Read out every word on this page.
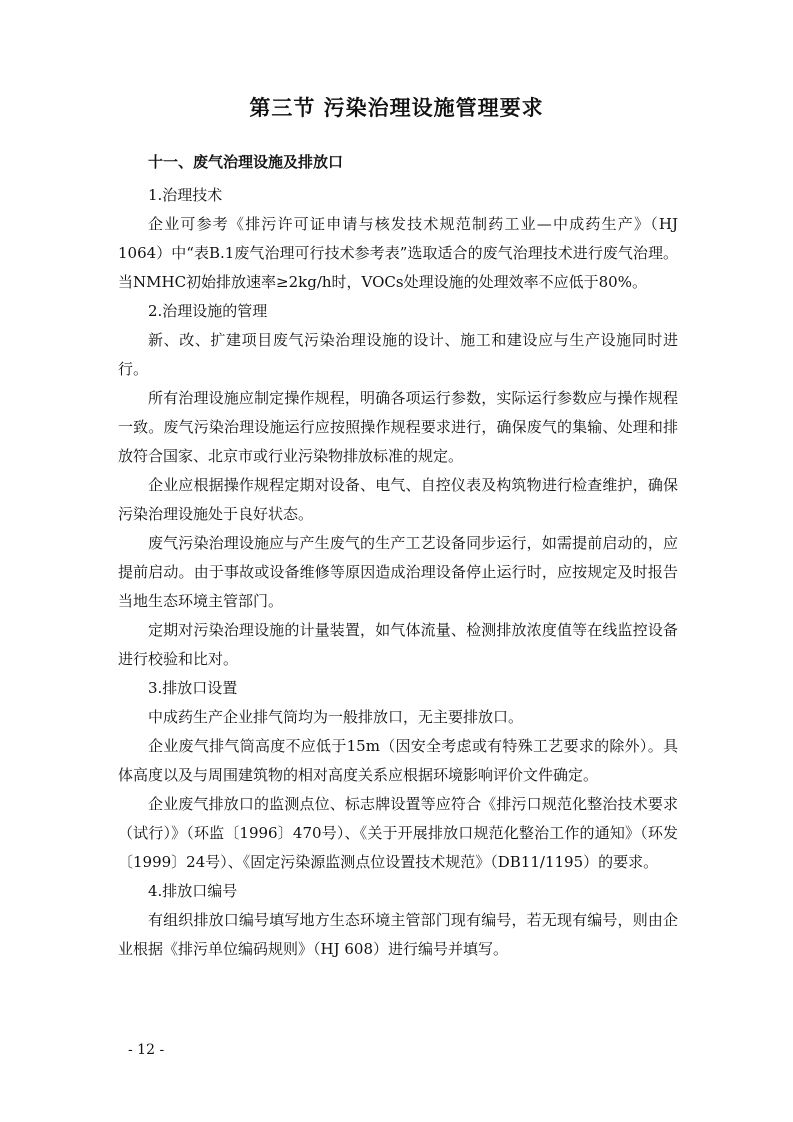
第三节 污染治理设施管理要求

十一、废气治理设施及排放口

1.治理技术

企业可参考《排污许可证申请与核发技术规范制药工业—中成药生产》（HJ 1064）中“表B.1废气治理可行技术参考表”选取适合的废气治理技术进行废气治理。当NMHC初始排放速率≥2kg/h时，VOCs处理设施的处理效率不应低于80%。

2.治理设施的管理

新、改、扩建项目废气污染治理设施的设计、施工和建设应与生产设施同时进行。

所有治理设施应制定操作规程，明确各项运行参数，实际运行参数应与操作规程一致。废气污染治理设施运行应按照操作规程要求进行，确保废气的集输、处理和排放符合国家、北京市或行业污染物排放标准的规定。

企业应根据操作规程定期对设备、电气、自控仪表及构筑物进行检查维护，确保污染治理设施处于良好状态。

废气污染治理设施应与产生废气的生产工艺设备同步运行，如需提前启动的，应提前启动。由于事故或设备维修等原因造成治理设备停止运行时，应按规定及时报告当地生态环境主管部门。

定期对污染治理设施的计量装置，如气体流量、检测排放浓度值等在线监控设备进行校验和比对。

3.排放口设置

中成药生产企业排气筒均为一般排放口，无主要排放口。

企业废气排气筒高度不应低于15m（因安全考虑或有特殊工艺要求的除外）。具体高度以及与周围建筑物的相对高度关系应根据环境影响评价文件确定。

企业废气排放口的监测点位、标志牌设置等应符合《排污口规范化整治技术要求（试行）》（环监〔1996〕470号）、《关于开展排放口规范化整治工作的通知》（环发〔1999〕24号）、《固定污染源监测点位设置技术规范》（DB11/1195）的要求。

4.排放口编号

有组织排放口编号填写地方生态环境主管部门现有编号，若无现有编号，则由企业根据《排污单位编码规则》（HJ 608）进行编号并填写。

- 12 -
